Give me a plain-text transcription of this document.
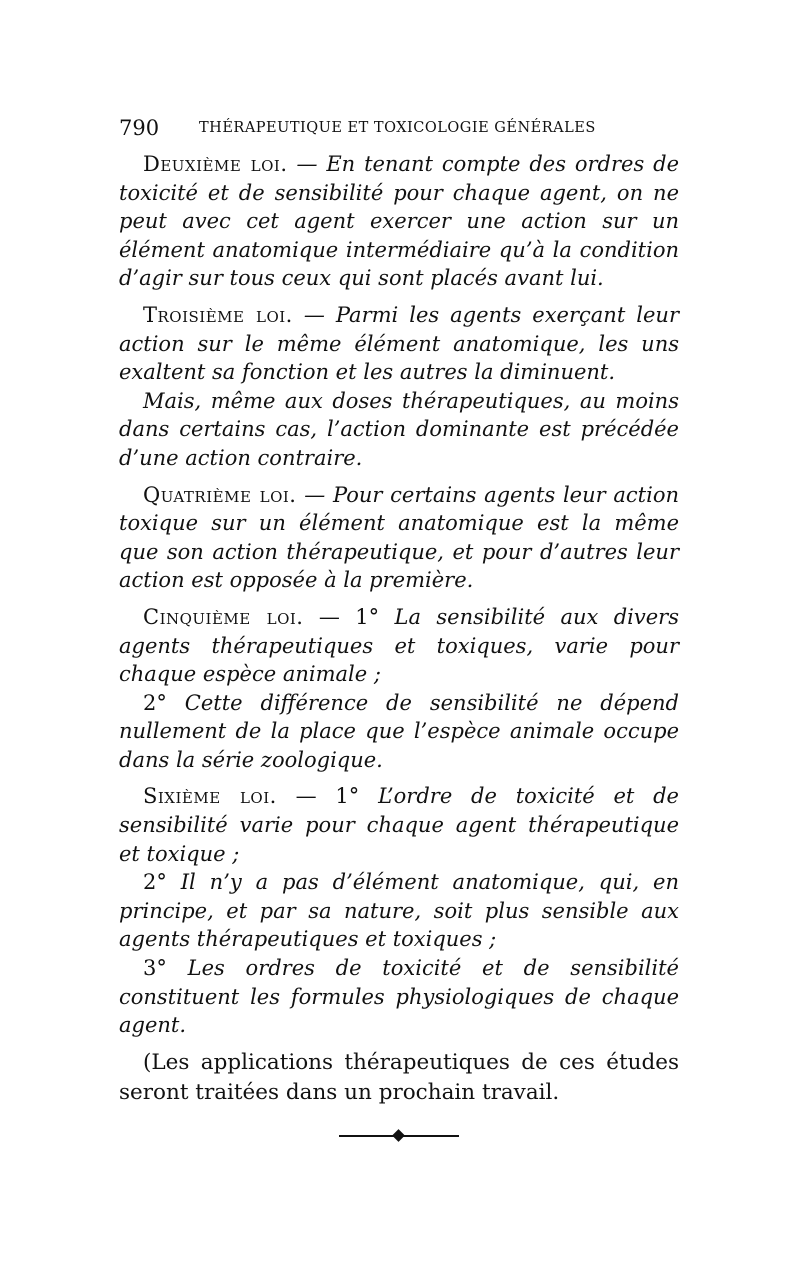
790	THÉRAPEUTIQUE ET TOXICOLOGIE GÉNÉRALES

Deuxième loi. — En tenant compte des ordres de toxicité et de sensibilité pour chaque agent, on ne peut avec cet agent exercer une action sur un élément anatomique intermédiaire qu’à la condition d’agir sur tous ceux qui sont placés avant lui.

Troisième loi. — Parmi les agents exerçant leur action sur le même élément anatomique, les uns exaltent sa fonction et les autres la diminuent.

Mais, même aux doses thérapeutiques, au moins dans certains cas, l’action dominante est précédée d’une action contraire.

Quatrième loi. — Pour certains agents leur action toxique sur un élément anatomique est la même que son action thérapeutique, et pour d’autres leur action est opposée à la première.

Cinquième loi. — 1° La sensibilité aux divers agents thérapeutiques et toxiques, varie pour chaque espèce animale ;

2° Cette différence de sensibilité ne dépend nullement de la place que l’espèce animale occupe dans la série zoologique.

Sixième loi. — 1° L’ordre de toxicité et de sensibilité varie pour chaque agent thérapeutique et toxique ;

2° Il n’y a pas d’élément anatomique, qui, en principe, et par sa nature, soit plus sensible aux agents thérapeutiques et toxiques ;

3° Les ordres de toxicité et de sensibilité constituent les formules physiologiques de chaque agent.

(Les applications thérapeutiques de ces études seront traitées dans un prochain travail.
